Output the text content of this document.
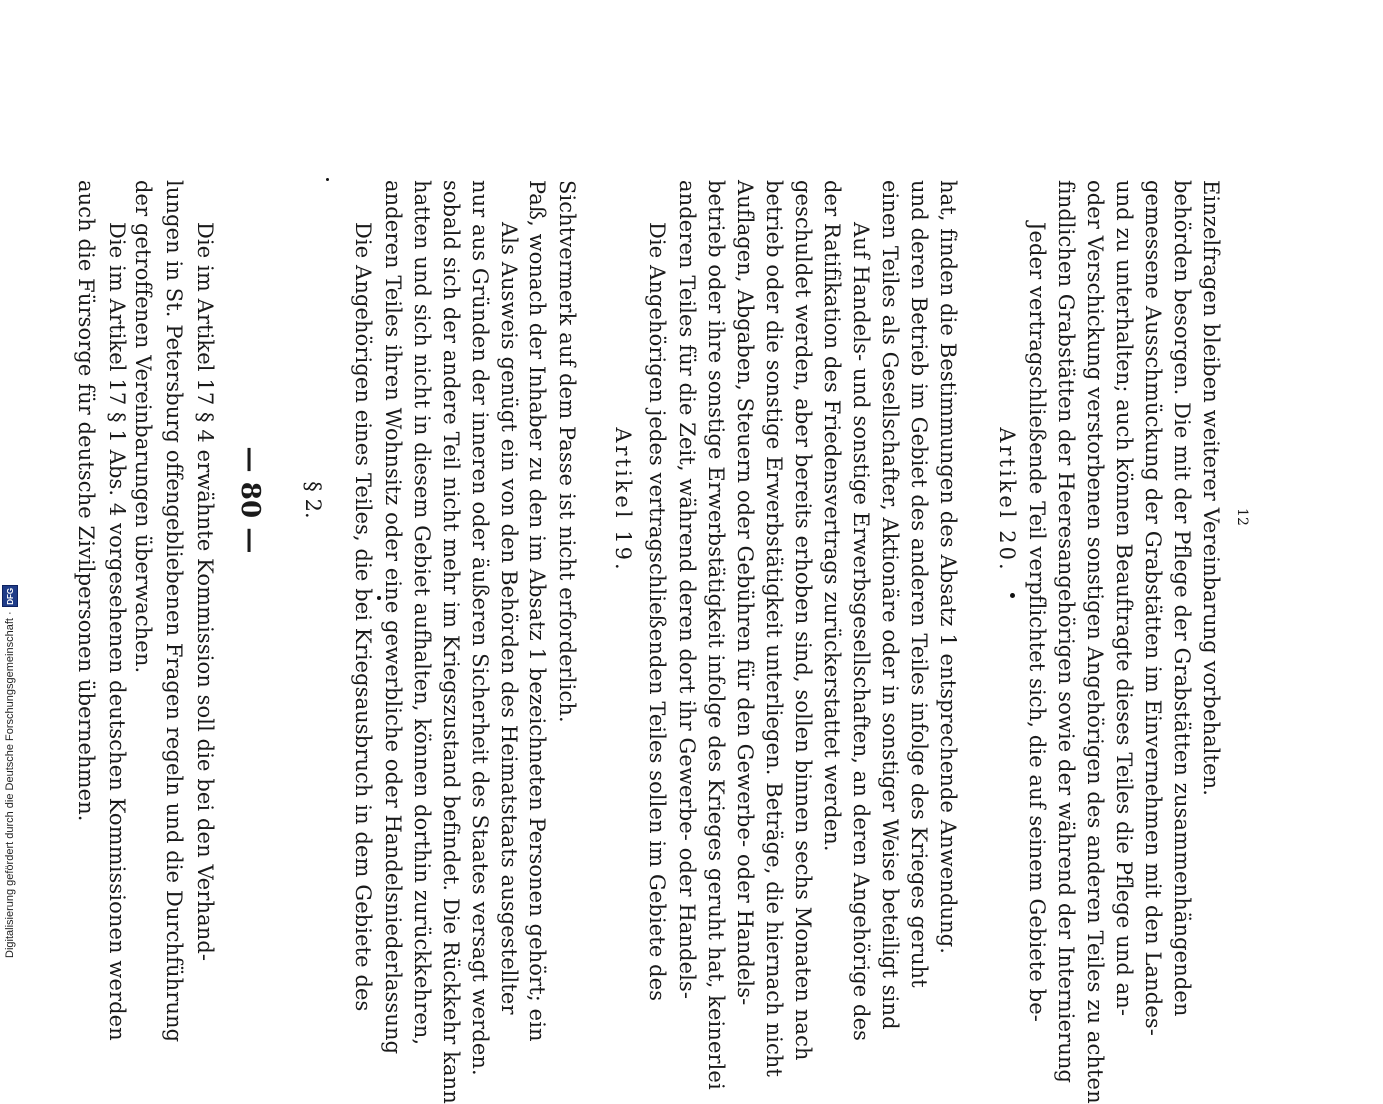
— 80 —
Die im Artikel 17 § 4 erwähnte Kommission soll die bei den Verhand-
lungen in St. Petersburg offengebliebenen Fragen regeln und die Durchführung
der getroffenen Vereinbarungen überwachen.
Die im Artikel 17 § 1 Abs. 4 vorgesehenen deutschen Kommissionen werden
auch die Fürsorge für deutsche Zivilpersonen übernehmen.	§ 2. Die Angehörigen eines Teiles, die bei Kriegsausbruch in dem Gebiete des anderen Teiles ihren Wohnsitz oder eine gewerbliche oder Handelsniederlassung hatten und sich nicht in diesem Gebiet aufhalten, können dorthin zurückkehren, sobald sich der andere Teil nicht mehr im Kriegszustand befindet. Die Rückkehr kann nur aus Gründen der inneren oder äußeren Sicherheit des Staates versagt werden. Als Ausweis genügt ein von den Behörden des Heimatstaats ausgestellter Paß, wonach der Inhaber zu den im Absatz 1 bezeichneten Personen gehört; ein Sichtvermerk auf dem Passe ist nicht erforderlich. Artikel 19. Die Angehörigen jedes vertragschließenden Teiles sollen im Gebiete des anderen Teiles für die Zeit, während deren dort ihr Gewerbe- oder Handels- betrieb oder ihre sonstige Erwerbstätigkeit infolge des Krieges geruht hat, keinerlei Auflagen, Abgaben, Steuern oder Gebühren für den Gewerbe- oder Handels- betrieb oder die sonstige Erwerbstätigkeit unterliegen. Beträge, die hiernach nicht geschuldet werden, aber bereits erhoben sind, sollen binnen sechs Monaten nach der Ratifikation des Friedensvertrags zurückerstattet werden. Auf Handels- und sonstige Erwerbsgesellschaften, an deren Angehörige des einen Teiles als Gesellschafter, Aktionäre oder in sonstiger Weise beteiligt sind und deren Betrieb im Gebiet des anderen Teiles infolge des Krieges geruht hat, finden die Bestimmungen des Absatz 1 entsprechende Anwendung. Artikel 20. Jeder vertragschließende Teil verpflichtet sich, die auf seinem Gebiete be- findlichen Grabstätten der Heeresangehörigen sowie der während der Internierung oder Verschickung verstorbenen sonstigen Angehörigen des anderen Teiles zu achten und zu unterhalten; auch können Beauftragte dieses Teiles die Pflege und an- gemessene Ausschmückung der Grabstätten im Einvernehmen mit den Landes- behörden besorgen. Die mit der Pflege der Grabstätten zusammenhängenden Einzelfragen bleiben weiterer Vereinbarung vorbehalten. 12
Digitalisierung gefördert durch die Deutsche Forschungsgemeinschaft ·
DFG
